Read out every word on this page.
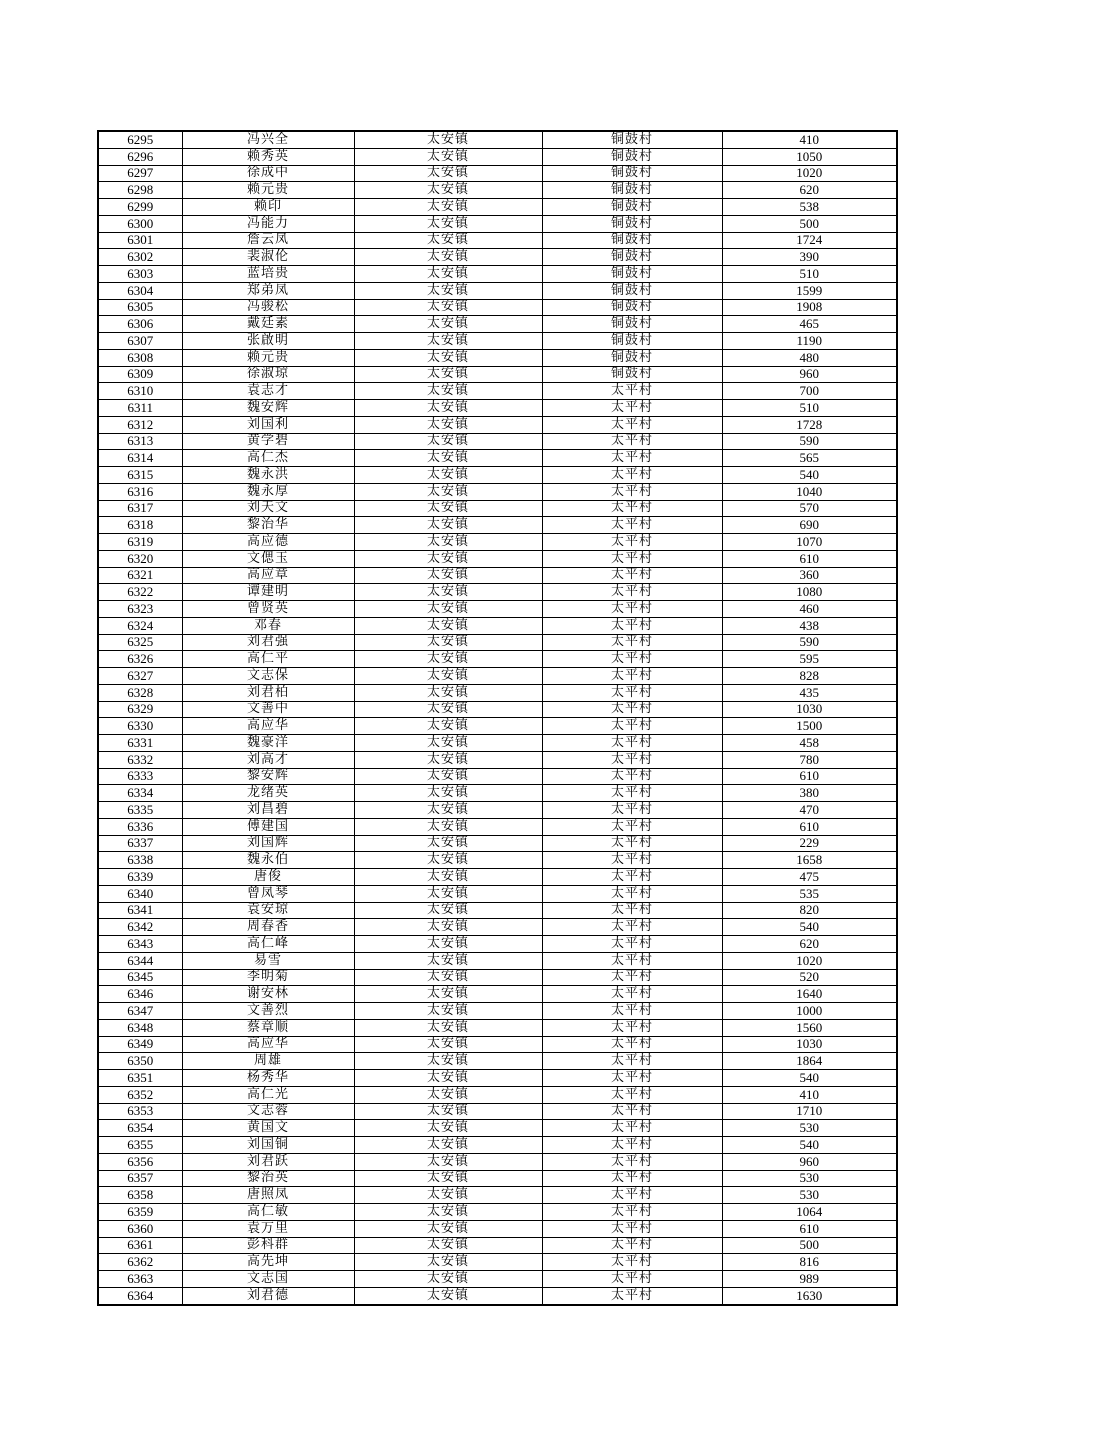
6295	冯兴全	太安镇	铜鼓村	410
6296	赖秀英	太安镇	铜鼓村	1050
6297	徐成中	太安镇	铜鼓村	1020
6298	赖元贵	太安镇	铜鼓村	620
6299	赖印	太安镇	铜鼓村	538
6300	冯能力	太安镇	铜鼓村	500
6301	詹云凤	太安镇	铜鼓村	1724
6302	裴淑伦	太安镇	铜鼓村	390
6303	蓝培贵	太安镇	铜鼓村	510
6304	郑弟凤	太安镇	铜鼓村	1599
6305	冯骏松	太安镇	铜鼓村	1908
6306	戴廷素	太安镇	铜鼓村	465
6307	张啟明	太安镇	铜鼓村	1190
6308	赖元贵	太安镇	铜鼓村	480
6309	徐淑琼	太安镇	铜鼓村	960
6310	袁志才	太安镇	太平村	700
6311	魏安辉	太安镇	太平村	510
6312	刘国利	太安镇	太平村	1728
6313	黄学碧	太安镇	太平村	590
6314	高仁杰	太安镇	太平村	565
6315	魏永洪	太安镇	太平村	540
6316	魏永厚	太安镇	太平村	1040
6317	刘天文	太安镇	太平村	570
6318	黎治华	太安镇	太平村	690
6319	高应德	太安镇	太平村	1070
6320	文偲玉	太安镇	太平村	610
6321	高应章	太安镇	太平村	360
6322	谭建明	太安镇	太平村	1080
6323	曾贤英	太安镇	太平村	460
6324	邓春	太安镇	太平村	438
6325	刘君强	太安镇	太平村	590
6326	高仁平	太安镇	太平村	595
6327	文志保	太安镇	太平村	828
6328	刘君柏	太安镇	太平村	435
6329	文善中	太安镇	太平村	1030
6330	高应华	太安镇	太平村	1500
6331	魏豪洋	太安镇	太平村	458
6332	刘高才	太安镇	太平村	780
6333	黎安辉	太安镇	太平村	610
6334	龙绪英	太安镇	太平村	380
6335	刘昌碧	太安镇	太平村	470
6336	傅建国	太安镇	太平村	610
6337	刘国辉	太安镇	太平村	229
6338	魏永伯	太安镇	太平村	1658
6339	唐俊	太安镇	太平村	475
6340	曾凤琴	太安镇	太平村	535
6341	袁安琼	太安镇	太平村	820
6342	周春香	太安镇	太平村	540
6343	高仁峰	太安镇	太平村	620
6344	易雪	太安镇	太平村	1020
6345	李明菊	太安镇	太平村	520
6346	谢安林	太安镇	太平村	1640
6347	文善烈	太安镇	太平村	1000
6348	蔡章顺	太安镇	太平村	1560
6349	高应华	太安镇	太平村	1030
6350	周雄	太安镇	太平村	1864
6351	杨秀华	太安镇	太平村	540
6352	高仁光	太安镇	太平村	410
6353	文志蓉	太安镇	太平村	1710
6354	黄国文	太安镇	太平村	530
6355	刘国铜	太安镇	太平村	540
6356	刘君跃	太安镇	太平村	960
6357	黎治英	太安镇	太平村	530
6358	唐照凤	太安镇	太平村	530
6359	高仁敏	太安镇	太平村	1064
6360	袁万里	太安镇	太平村	610
6361	彭科群	太安镇	太平村	500
6362	高先坤	太安镇	太平村	816
6363	文志国	太安镇	太平村	989
6364	刘君德	太安镇	太平村	1630
